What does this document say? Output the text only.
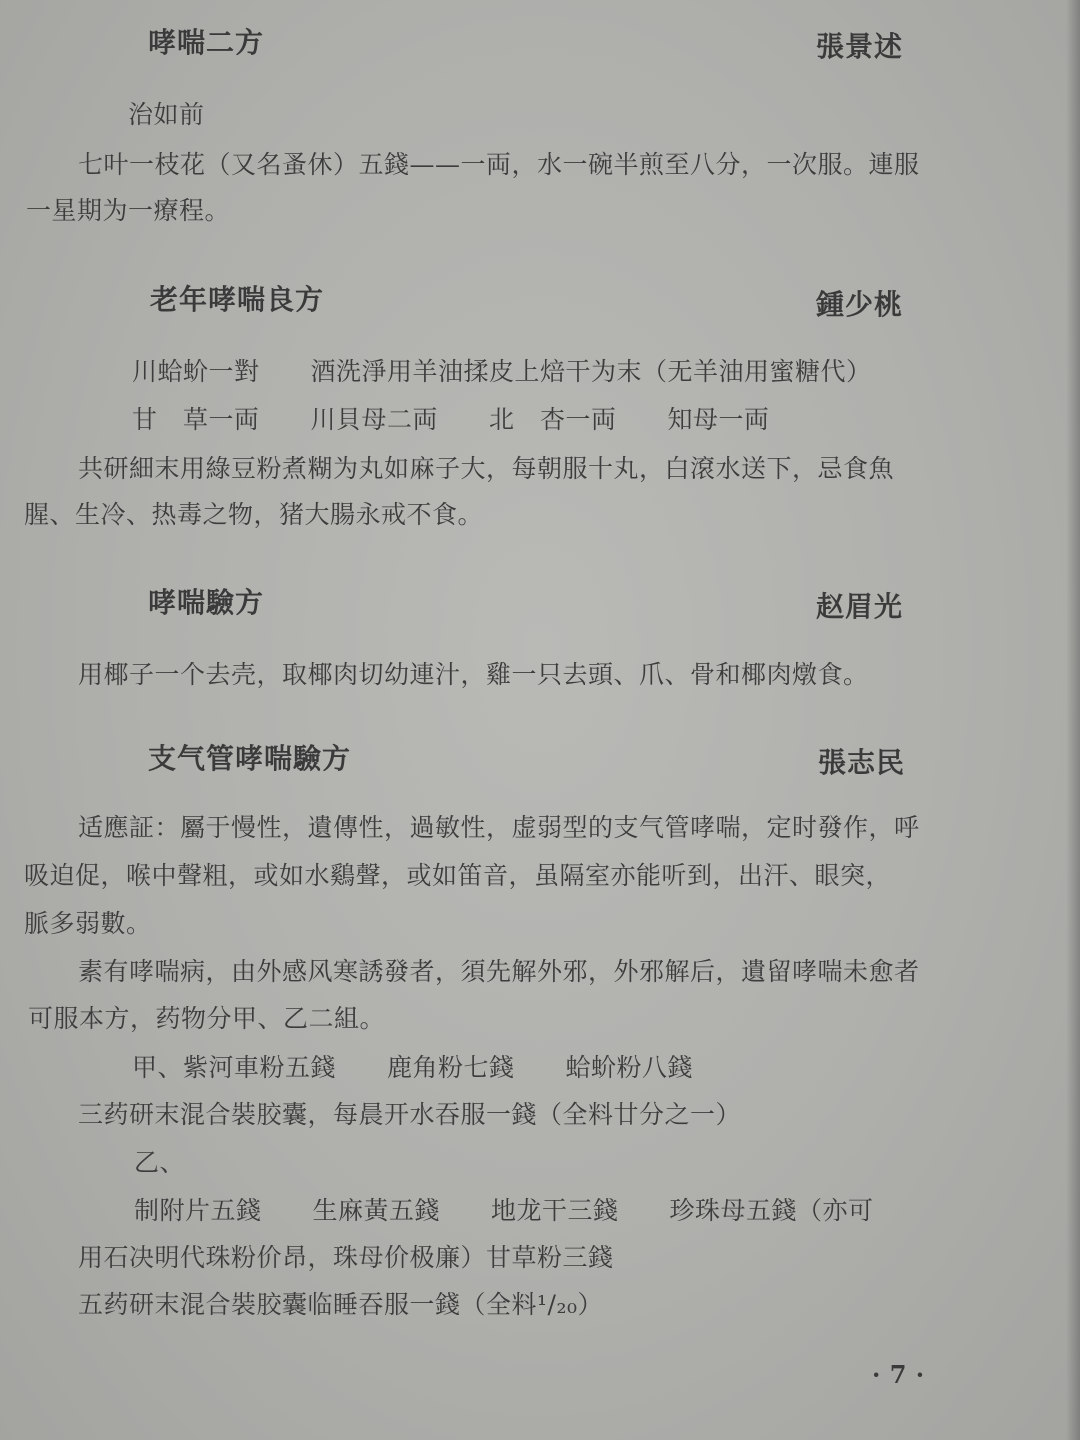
哮喘二方	張景述
治如前
七叶一枝花（又名蚤休）五錢——一両，水一碗半煎至八分，一次服。連服
一星期为一療程。
老年哮喘良方	鍾少桃
川蛤蚧一對　　酒洗淨用羊油揉皮上焙干为末（无羊油用蜜糖代）
甘　草一両　　川貝母二両　　北　杏一両　　知母一両
共研細末用綠豆粉煮糊为丸如麻子大，每朝服十丸，白滾水送下，忌食魚
腥、生冷、热毒之物，猪大腸永戒不食。
哮喘驗方	赵眉光
用椰子一个去壳，取椰肉切幼連汁，雞一只去頭、爪、骨和椰肉燉食。
支气管哮喘驗方	張志民
适應証：屬于慢性，遺傳性，過敏性，虚弱型的支气管哮喘，定时發作，呼
吸迫促，喉中聲粗，或如水鷄聲，或如笛音，虽隔室亦能听到，出汗、眼突，
脈多弱數。
素有哮喘病，由外感风寒誘發者，須先解外邪，外邪解后，遺留哮喘未愈者
可服本方，药物分甲、乙二組。
甲、紫河車粉五錢　　鹿角粉七錢　　蛤蚧粉八錢
三药研末混合裝胶囊，每晨开水吞服一錢（全料廿分之一）
乙、
制附片五錢　　生麻黃五錢　　地龙干三錢　　珍珠母五錢（亦可
用石决明代珠粉价昂，珠母价极廉）甘草粉三錢
五药研末混合裝胶囊临睡吞服一錢（全料¹/₂₀）
· 7 ·
